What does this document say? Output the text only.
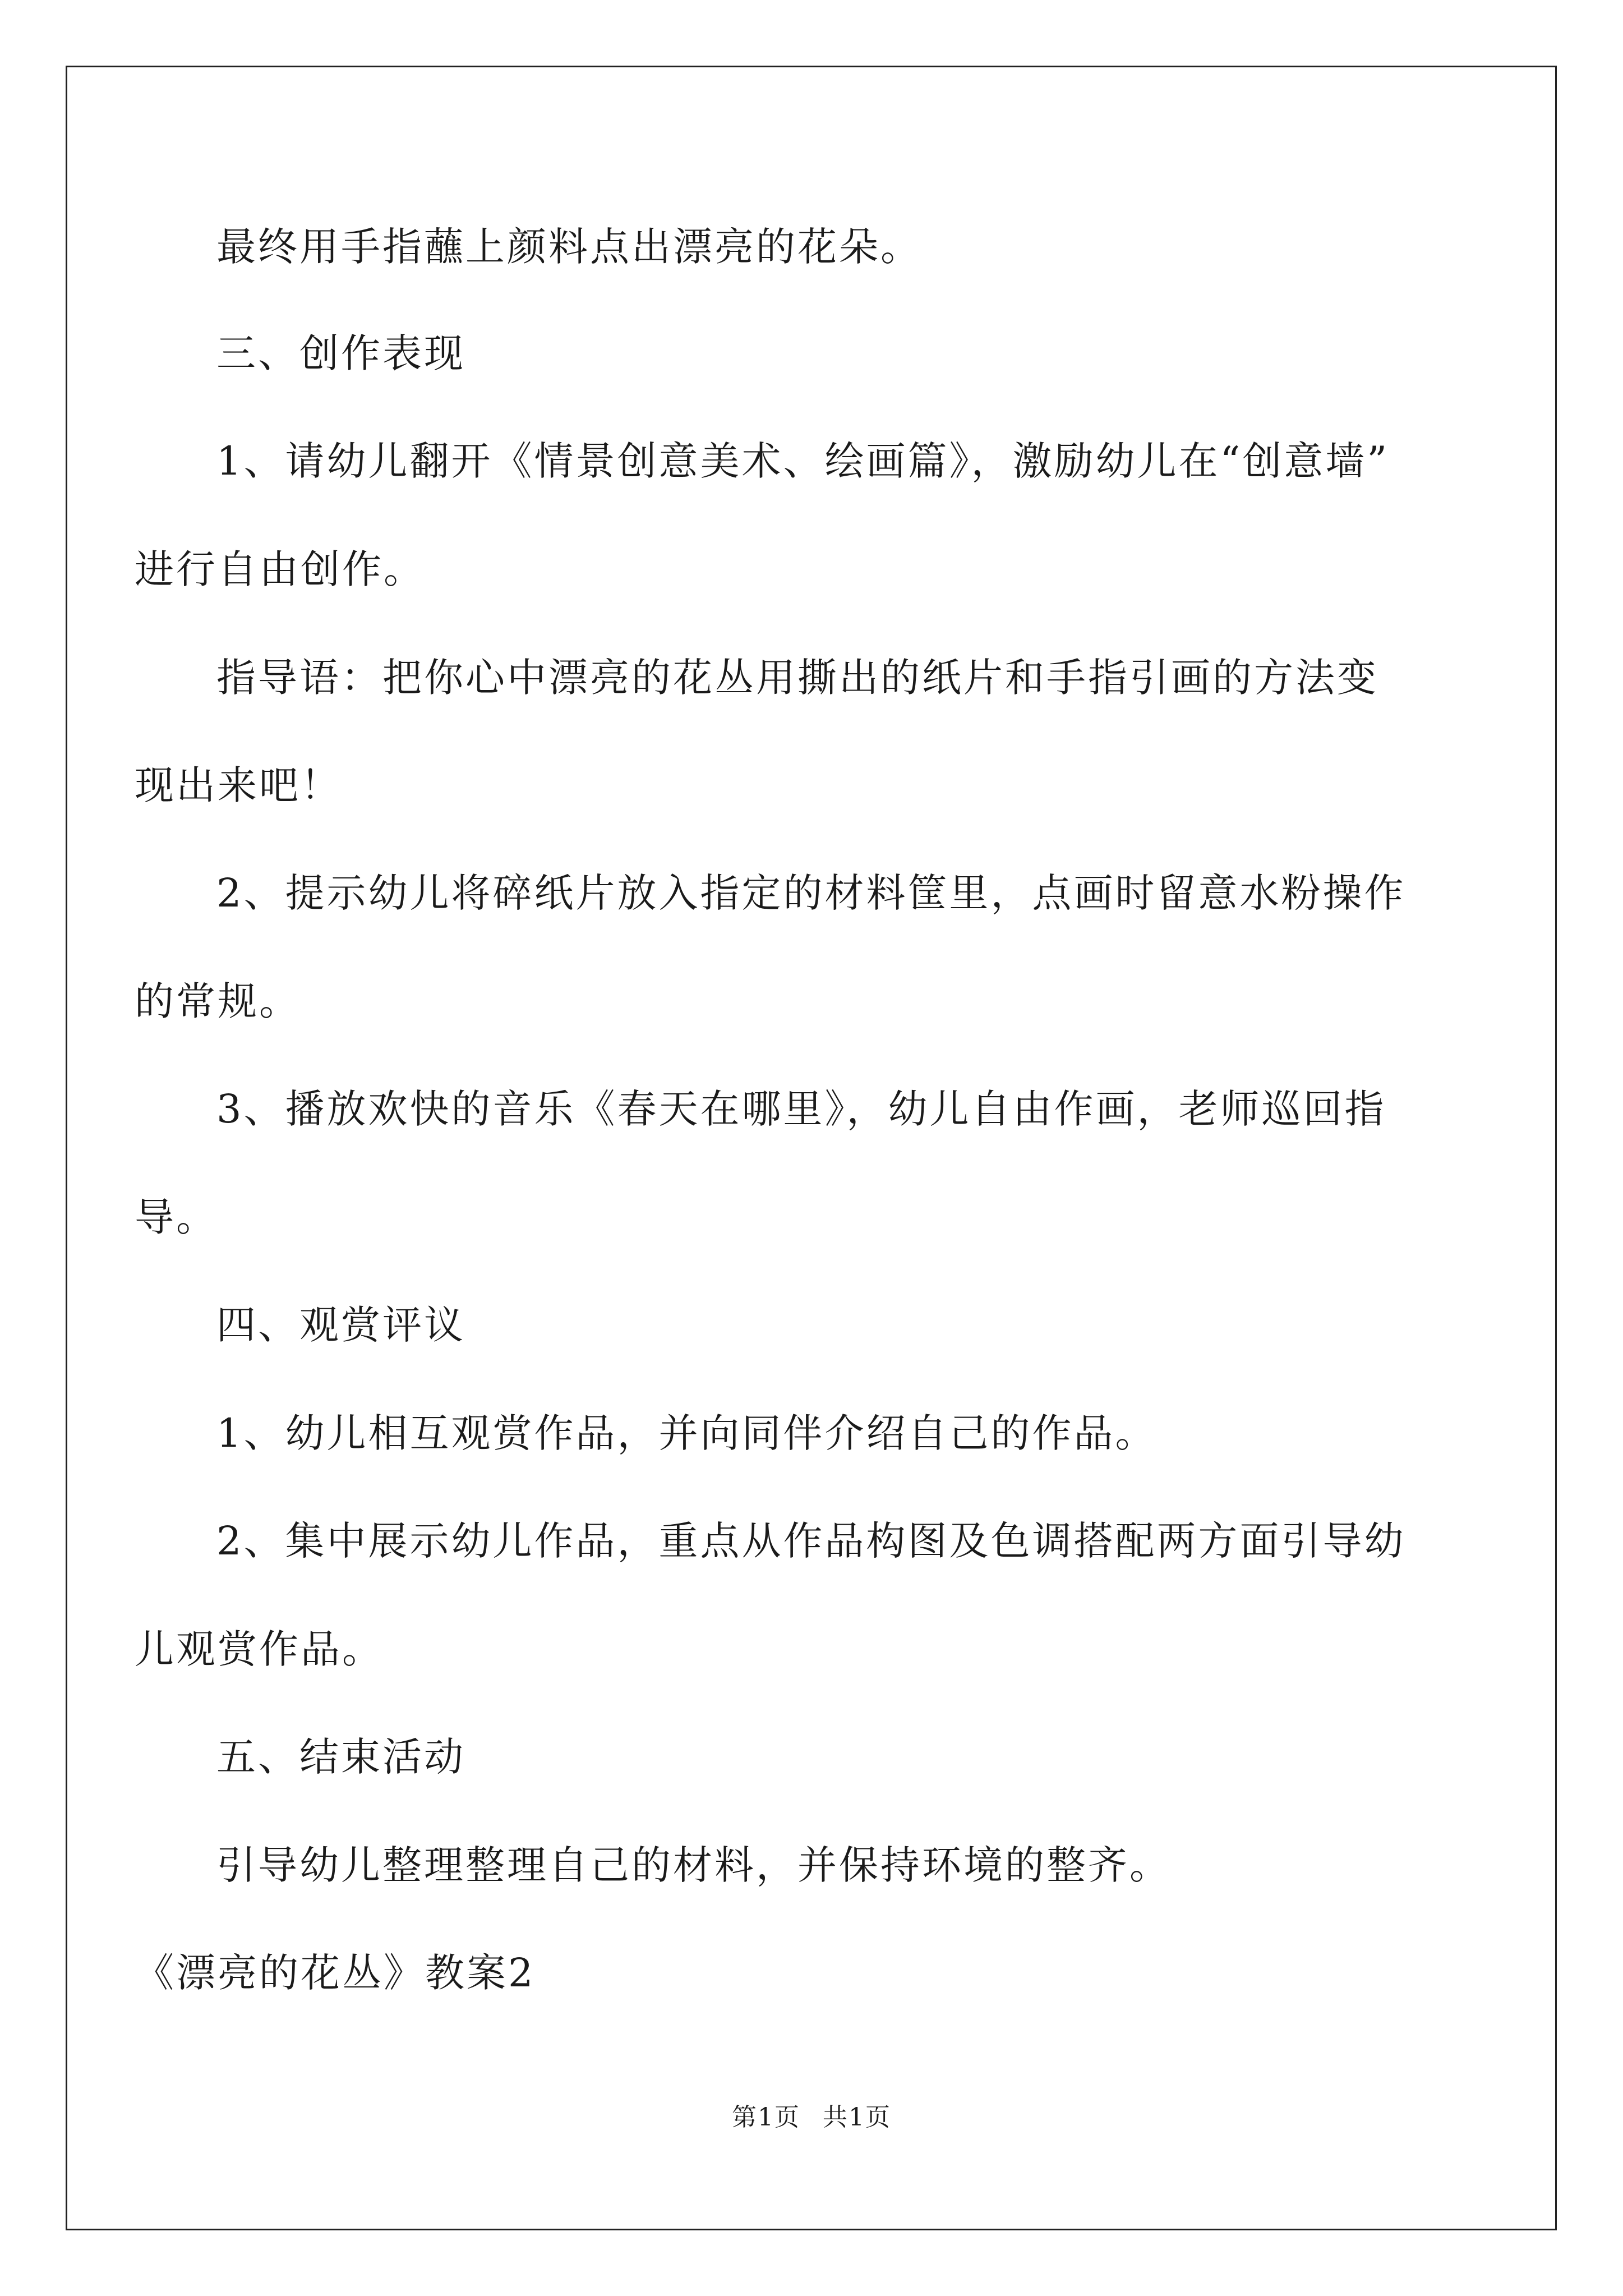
最终用手指蘸上颜料点出漂亮的花朵。
三、创作表现
1、请幼儿翻开《情景创意美术、绘画篇》，激励幼儿在“创意墙”
进行自由创作。
指导语：把你心中漂亮的花丛用撕出的纸片和手指引画的方法变
现出来吧！
2、提示幼儿将碎纸片放入指定的材料筐里，点画时留意水粉操作
的常规。
3、播放欢快的音乐《春天在哪里》，幼儿自由作画，老师巡回指
导。
四、观赏评议
1、幼儿相互观赏作品，并向同伴介绍自己的作品。
2、集中展示幼儿作品，重点从作品构图及色调搭配两方面引导幼
儿观赏作品。
五、结束活动
引导幼儿整理整理自己的材料，并保持环境的整齐。
《漂亮的花丛》教案2
第1页 共1页
